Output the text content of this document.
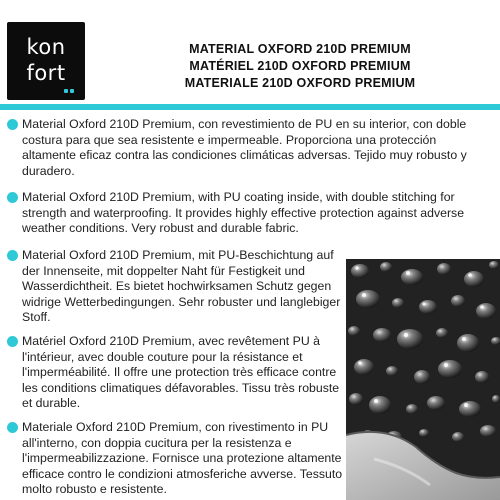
kon
fort
MATERIAL OXFORD 210D PREMIUM
MATÉRIEL 210D OXFORD PREMIUM
MATERIALE 210D OXFORD PREMIUM

Material Oxford 210D Premium, con revestimiento de PU en su interior, con doble costura para que sea resistente e impermeable. Proporciona una protección altamente eficaz contra las condiciones climáticas adversas. Tejido muy robusto y duradero.

Material Oxford 210D Premium, with PU coating inside, with double stitching for strength and waterproofing. It provides highly effective protection against adverse weather conditions. Very robust and durable fabric.

Material Oxford 210D Premium, mit PU-Beschichtung auf der Innenseite, mit doppelter Naht für Festigkeit und Wasserdichtheit. Es bietet hochwirksamen Schutz gegen widrige Wetterbedingungen. Sehr robuster und langlebiger Stoff.

Matériel Oxford 210D Premium, avec revêtement PU à l'intérieur, avec double couture pour la résistance et l'imperméabilité. Il offre une protection très efficace contre les conditions climatiques défavorables. Tissu très robuste et durable.

Materiale Oxford 210D Premium, con rivestimento in PU all'interno, con doppia cucitura per la resistenza e l'impermeabilizzazione. Fornisce una protezione altamente efficace contro le condizioni atmosferiche avverse. Tessuto molto robusto e resistente.
